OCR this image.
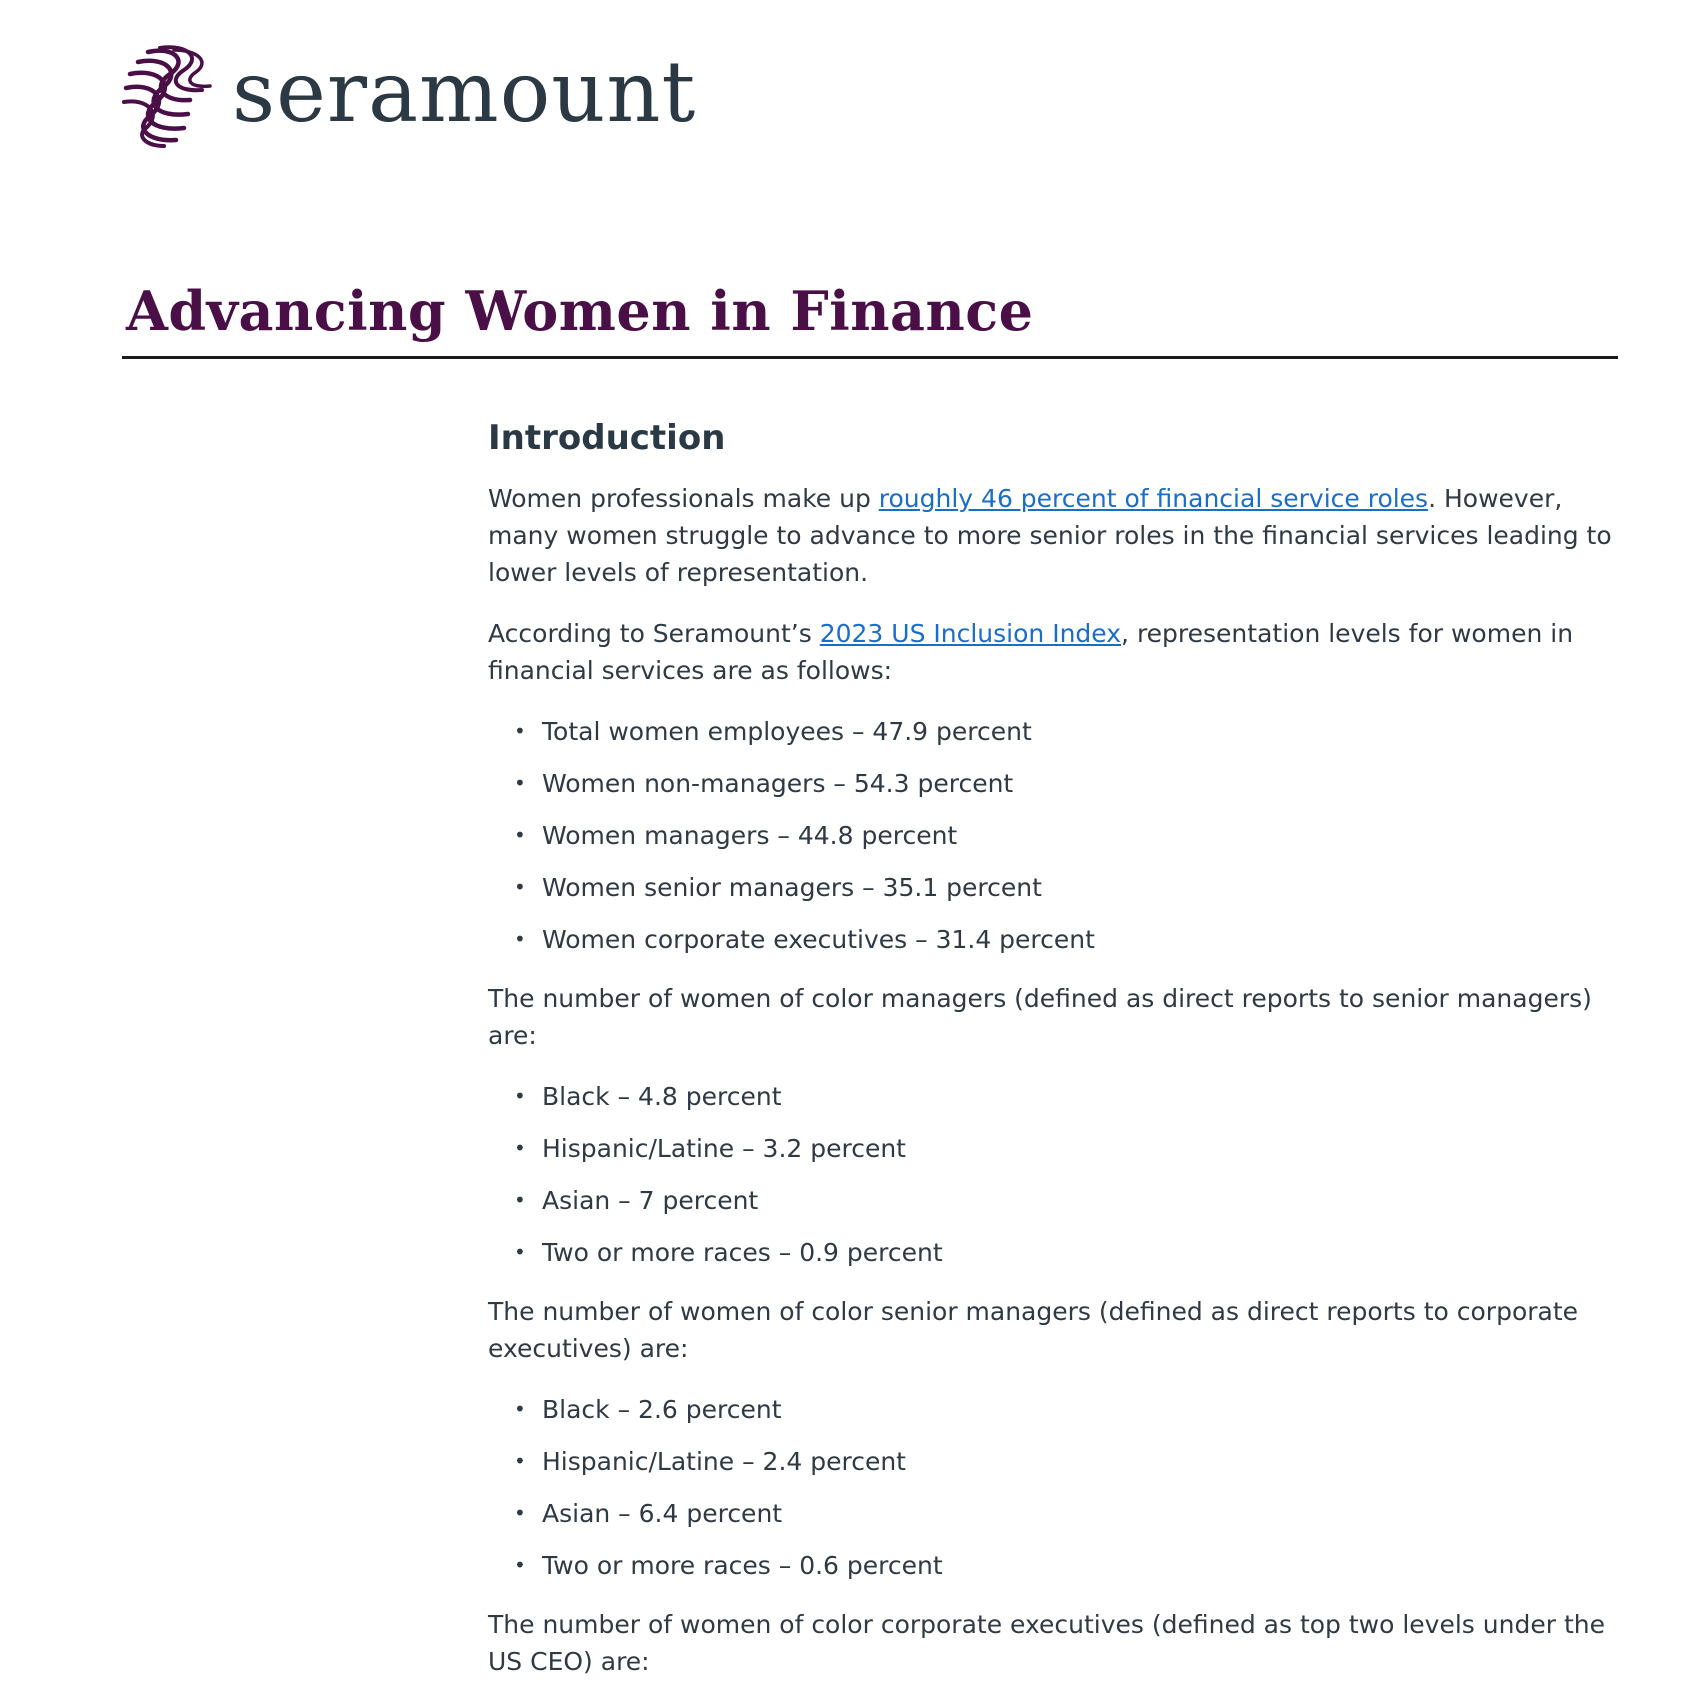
seramount
Advancing Women in Finance
Introduction

Women professionals make up roughly 46 percent of financial service roles. However, many women struggle to advance to more senior roles in the financial services leading to lower levels of representation.

According to Seramount’s 2023 US Inclusion Index, representation levels for women in financial services are as follows:

• Total women employees – 47.9 percent
• Women non-managers – 54.3 percent
• Women managers – 44.8 percent
• Women senior managers – 35.1 percent
• Women corporate executives – 31.4 percent

The number of women of color managers (defined as direct reports to senior managers) are:

• Black – 4.8 percent
• Hispanic/Latine – 3.2 percent
• Asian – 7 percent
• Two or more races – 0.9 percent

The number of women of color senior managers (defined as direct reports to corporate executives) are:

• Black – 2.6 percent
• Hispanic/Latine – 2.4 percent
• Asian – 6.4 percent
• Two or more races – 0.6 percent

The number of women of color corporate executives (defined as top two levels under the US CEO) are:
